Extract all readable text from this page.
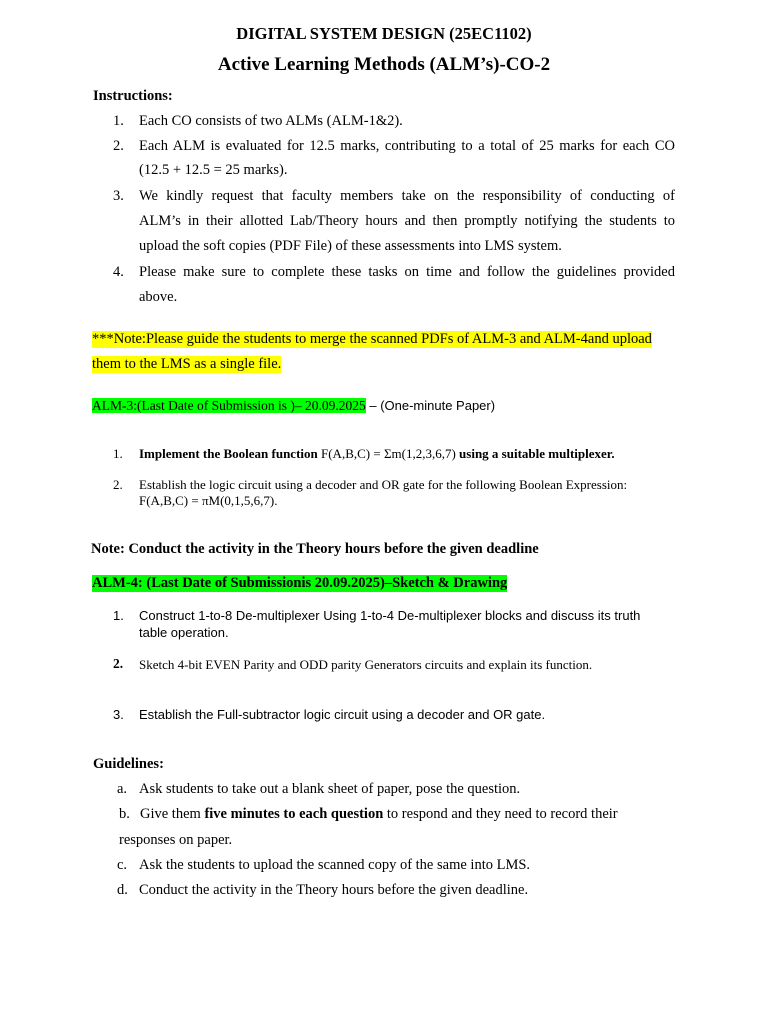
DIGITAL SYSTEM DESIGN (25EC1102)
Active Learning Methods (ALM’s)-CO-2
Instructions:
1. Each CO consists of two ALMs (ALM-1&2).
2. Each ALM is evaluated for 12.5 marks, contributing to a total of 25 marks for each CO
(12.5 + 12.5 = 25 marks).
3. We kindly request that faculty members take on the responsibility of conducting of
ALM’s in their allotted Lab/Theory hours and then promptly notifying the students to
upload the soft copies (PDF File) of these assessments into LMS system.
4. Please make sure to complete these tasks on time and follow the guidelines provided
above.
***Note:Please guide the students to merge the scanned PDFs of ALM-3 and ALM-4and upload
them to the LMS as a single file.
ALM-3:(Last Date of Submission is )– 20.09.2025 – (One-minute Paper)
1. Implement the Boolean function F(A,B,C) = Σm(1,2,3,6,7) using a suitable multiplexer.
2. Establish the logic circuit using a decoder and OR gate for the following Boolean Expression:
F(A,B,C) = πM(0,1,5,6,7).
Note: Conduct the activity in the Theory hours before the given deadline
ALM-4: (Last Date of Submissionis 20.09.2025)–Sketch & Drawing
1. Construct 1-to-8 De-multiplexer Using 1-to-4 De-multiplexer blocks and discuss its truth
table operation.
2. Sketch 4-bit EVEN Parity and ODD parity Generators circuits and explain its function.
3. Establish the Full-subtractor logic circuit using a decoder and OR gate.
Guidelines:
a. Ask students to take out a blank sheet of paper, pose the question.
b. Give them five minutes to each question to respond and they need to record their
responses on paper.
c. Ask the students to upload the scanned copy of the same into LMS.
d. Conduct the activity in the Theory hours before the given deadline.
